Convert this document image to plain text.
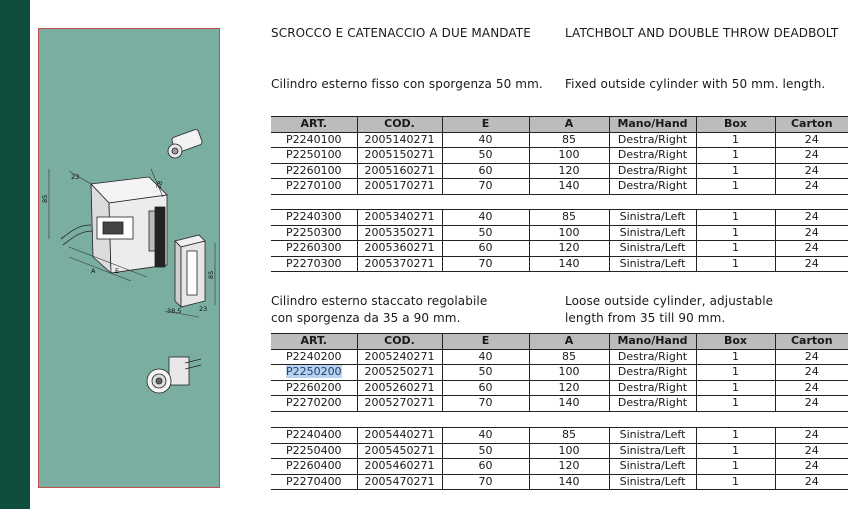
85
23
38
A	E	85
38,5	23
SCROCCO E CATENACCIO A DUE MANDATE	LATCHBOLT AND DOUBLE THROW DEADBOLT
Cilindro esterno fisso con sporgenza 50 mm. Fixed outside cylinder with 50 mm. length.
ART.	COD.	E	A	Mano/Hand	Box	Carton
P2240100	2005140271	40	85	Destra/Right	1	24
P2250100	2005150271	50	100	Destra/Right	1	24
P2260100	2005160271	60	120	Destra/Right	1	24
P2270100	2005170271	70	140	Destra/Right	1	24
P2240300	2005340271	40	85	Sinistra/Left	1	24
P2250300	2005350271	50	100	Sinistra/Left	1	24
P2260300	2005360271	60	120	Sinistra/Left	1	24
P2270300	2005370271	70	140	Sinistra/Left	1	24
Cilindro esterno staccato regolabile
con sporgenza da 35 a 90 mm.
Loose outside cylinder, adjustable
length from 35 till 90 mm.
ART.	COD.	E	A	Mano/Hand	Box	Carton
P2240200	2005240271	40	85	Destra/Right	1	24
P2250200	2005250271	50	100	Destra/Right	1	24
P2260200	2005260271	60	120	Destra/Right	1	24
P2270200	2005270271	70	140	Destra/Right	1	24
P2240400	2005440271	40	85	Sinistra/Left	1	24
P2250400	2005450271	50	100	Sinistra/Left	1	24
P2260400	2005460271	60	120	Sinistra/Left	1	24
P2270400	2005470271	70	140	Sinistra/Left	1	24
